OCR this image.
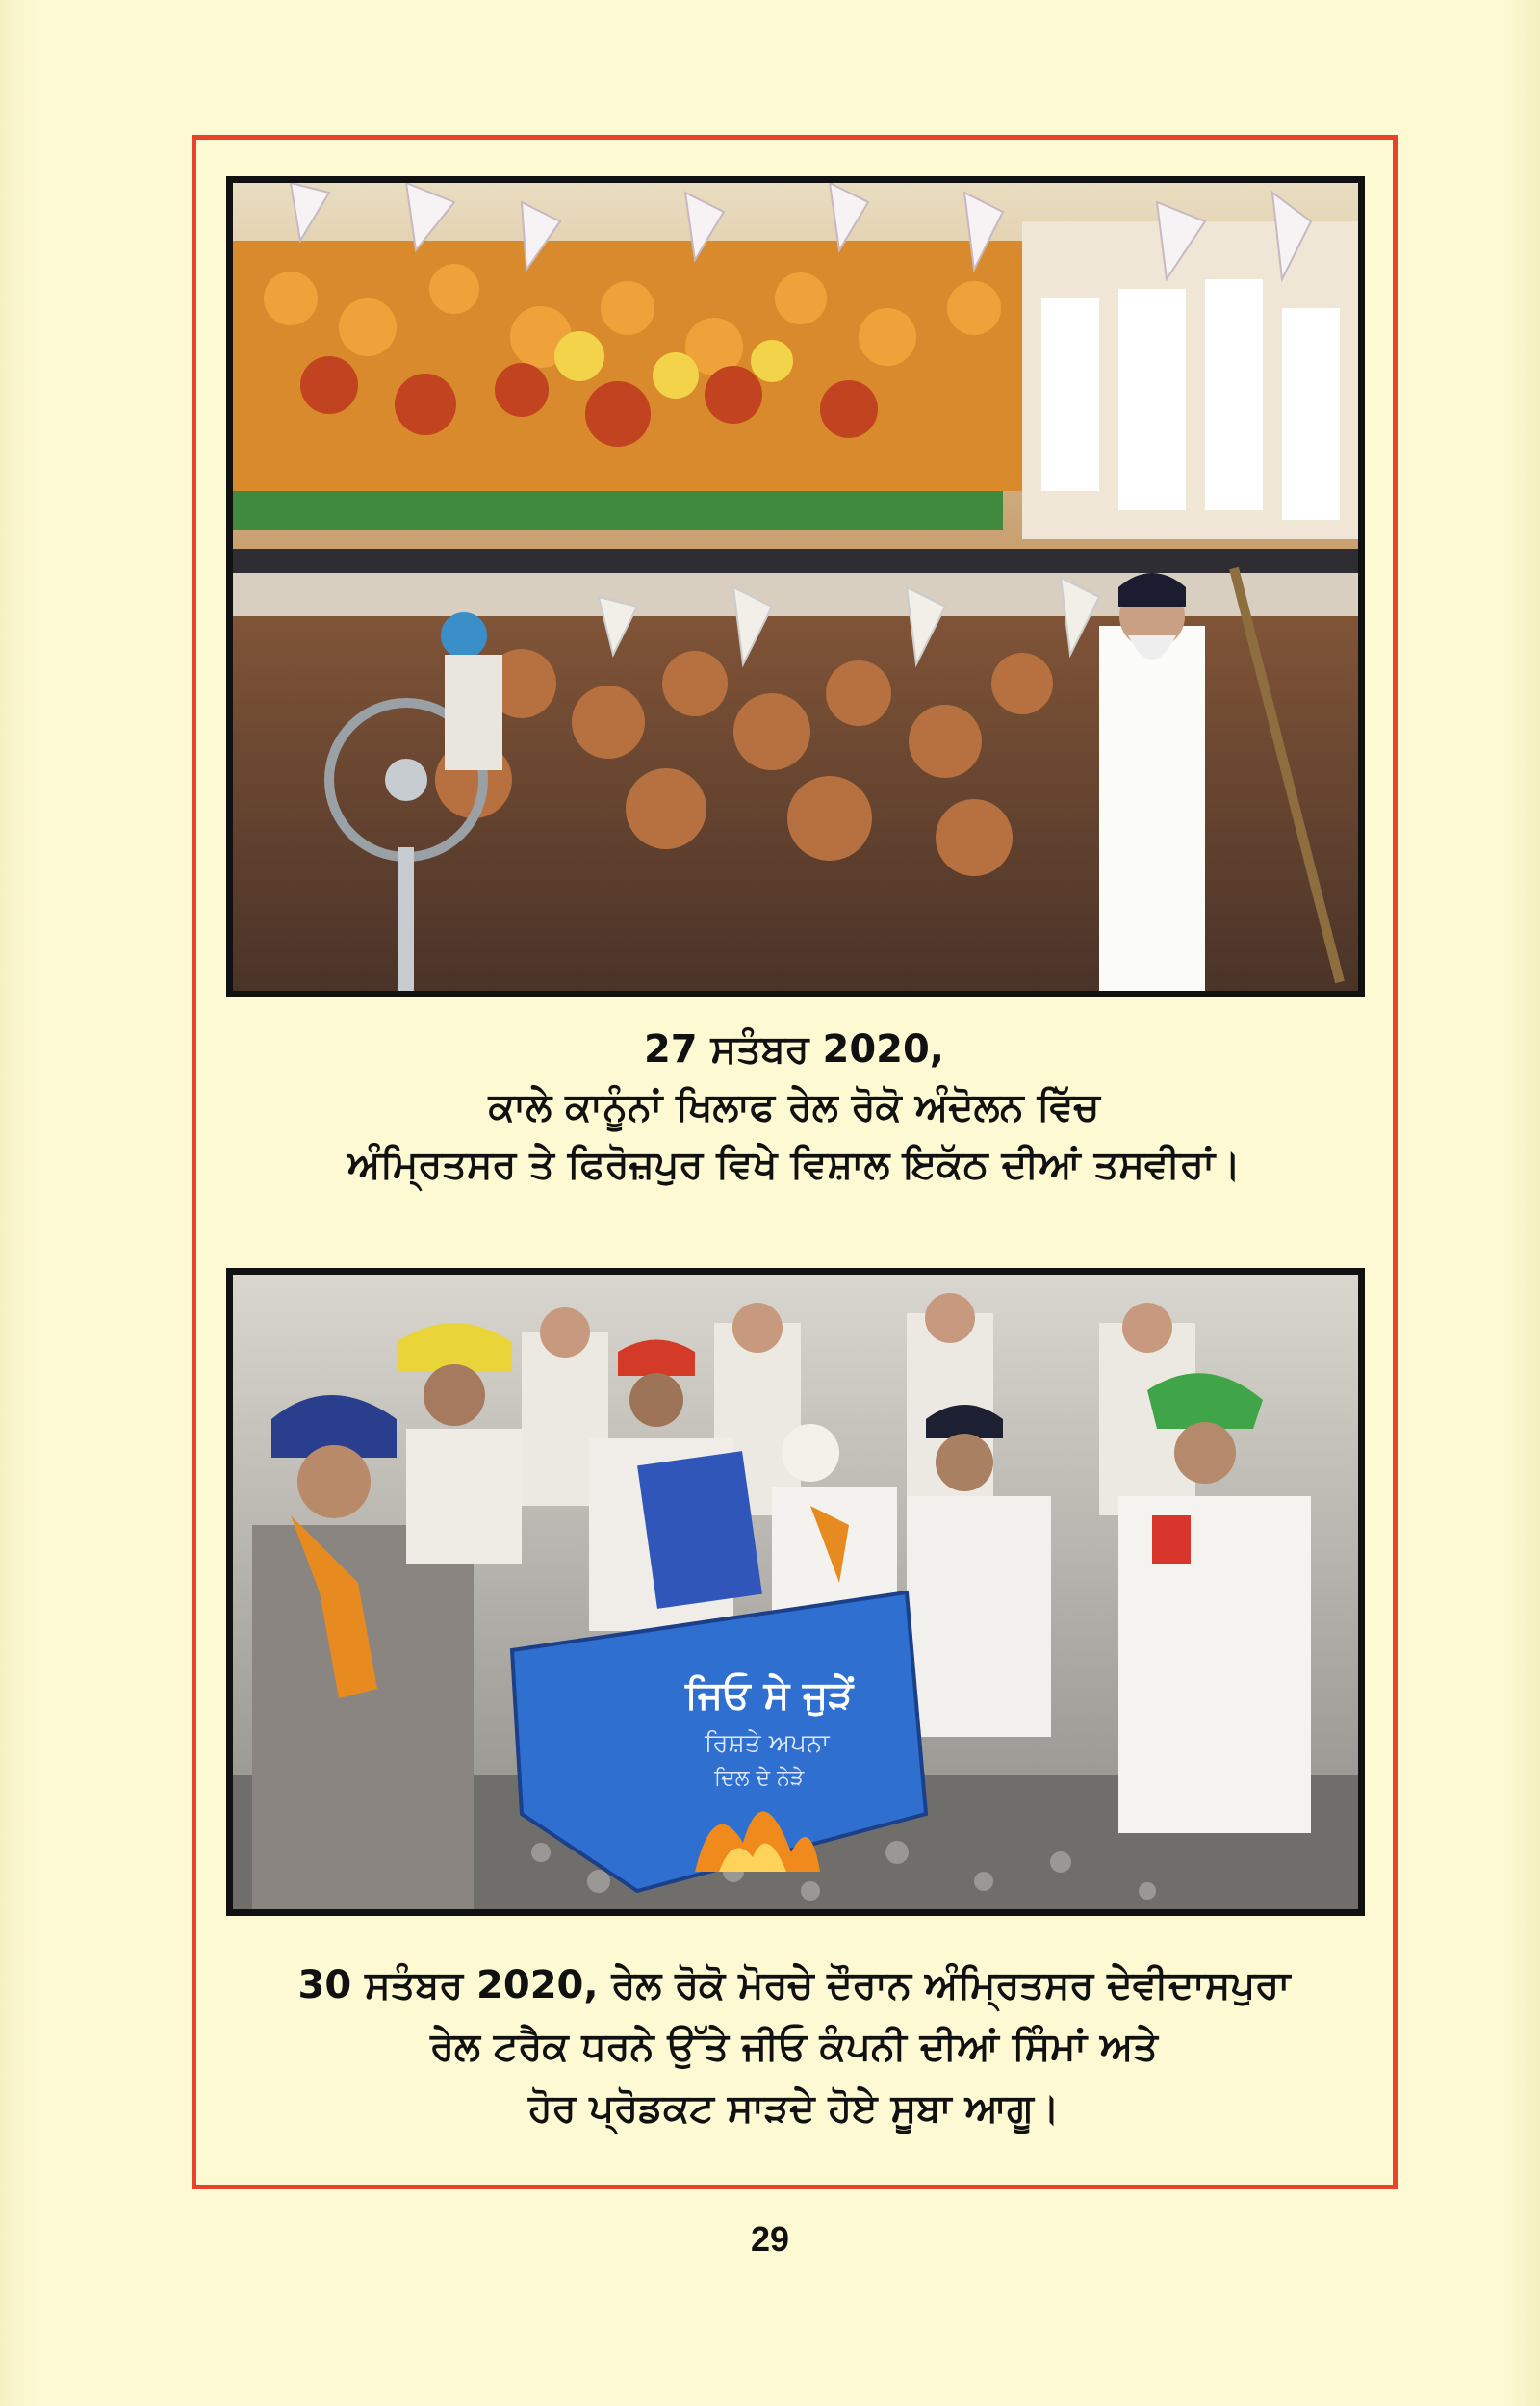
27 ਸਤੰਬਰ 2020,
ਕਾਲੇ ਕਾਨੂੰਨਾਂ ਖਿਲਾਫ ਰੇਲ ਰੋਕੋ ਅੰਦੋਲਨ ਵਿੱਚ
ਅੰਮ੍ਰਿਤਸਰ ਤੇ ਫਿਰੋਜ਼ਪੁਰ ਵਿਖੇ ਵਿਸ਼ਾਲ ਇਕੱਠ ਦੀਆਂ ਤਸਵੀਰਾਂ।
ਜਿਓ ਸੇ ਜੁੜੇਂ
ਰਿਸ਼ਤੇ ਅਪਨਾ
ਦਿਲ ਦੇ ਨੇੜੇ
30 ਸਤੰਬਰ 2020, ਰੇਲ ਰੋਕੋ ਮੋਰਚੇ ਦੌਰਾਨ ਅੰਮ੍ਰਿਤਸਰ ਦੇਵੀਦਾਸਪੁਰਾ
ਰੇਲ ਟਰੈਕ ਧਰਨੇ ਉੱਤੇ ਜੀਓ ਕੰਪਨੀ ਦੀਆਂ ਸਿੰਮਾਂ ਅਤੇ
ਹੋਰ ਪ੍ਰੋਡਕਟ ਸਾੜਦੇ ਹੋਏ ਸੂਬਾ ਆਗੂ।
29
